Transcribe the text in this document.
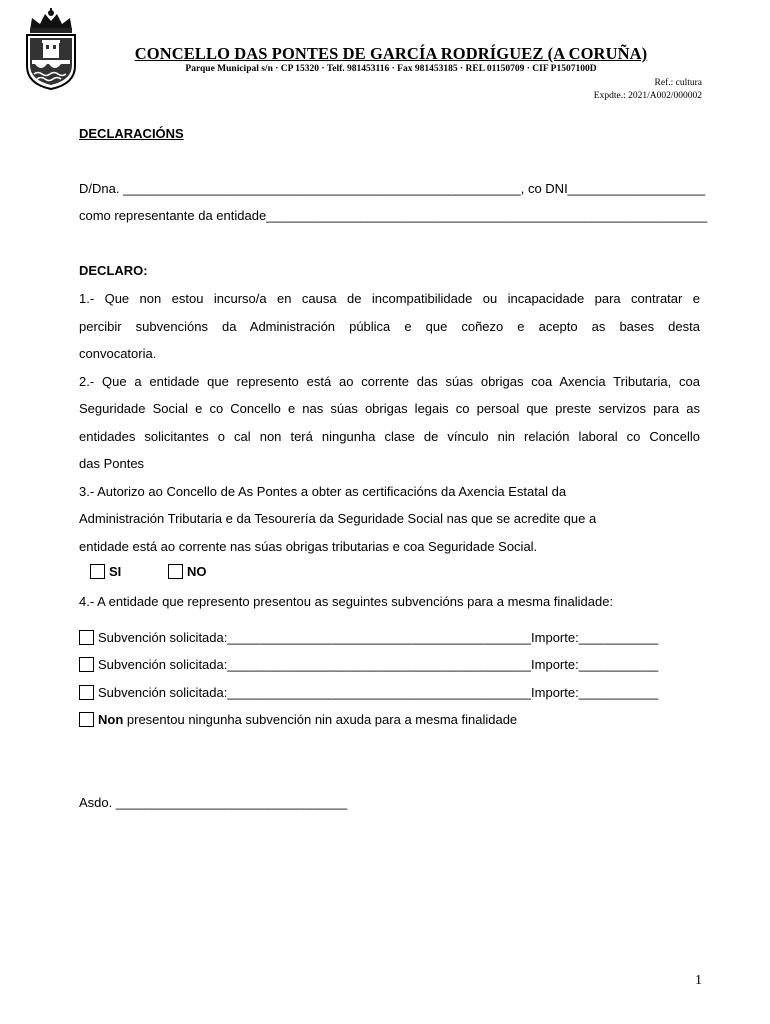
CONCELLO DAS PONTES DE GARCÍA RODRÍGUEZ (A CORUÑA)
Parque Municipal s/n · CP 15320 · Telf. 981453116 · Fax 981453185 · REL 01150709 · CIF P1507100D
Ref.: cultura
Expdte.: 2021/A002/000002
DECLARACIÓNS
D/Dna. _______________________________________________________, co DNI___________________
como representante da entidade_____________________________________________________________
DECLARO:
1.- Que non estou incurso/a en causa de incompatibilidade ou incapacidade para contratar e
percibir subvencións da Administración pública e que coñezo e acepto as bases desta
convocatoria.
2.- Que a entidade que represento está ao corrente das súas obrigas coa Axencia Tributaria, coa
Seguridade Social e co Concello e nas súas obrigas legais co persoal que preste servizos para as
entidades solicitantes o cal non terá ningunha clase de vínculo nin relación laboral co Concello
das Pontes
3.- Autorizo ao Concello de As Pontes a obter as certificacións da Axencia Estatal da
Administración Tributaria e da Tesourería da Seguridade Social nas que se acredite que a
entidade está ao corrente nas súas obrigas tributarias e coa Seguridade Social.
SI	NO
4.- A entidade que represento presentou as seguintes subvencións para a mesma finalidade:
Subvención solicitada:__________________________________________Importe:___________
Subvención solicitada:__________________________________________Importe:___________
Subvención solicitada:__________________________________________Importe:___________
Non presentou ningunha subvención nin axuda para a mesma finalidade
Asdo. ________________________________
1
